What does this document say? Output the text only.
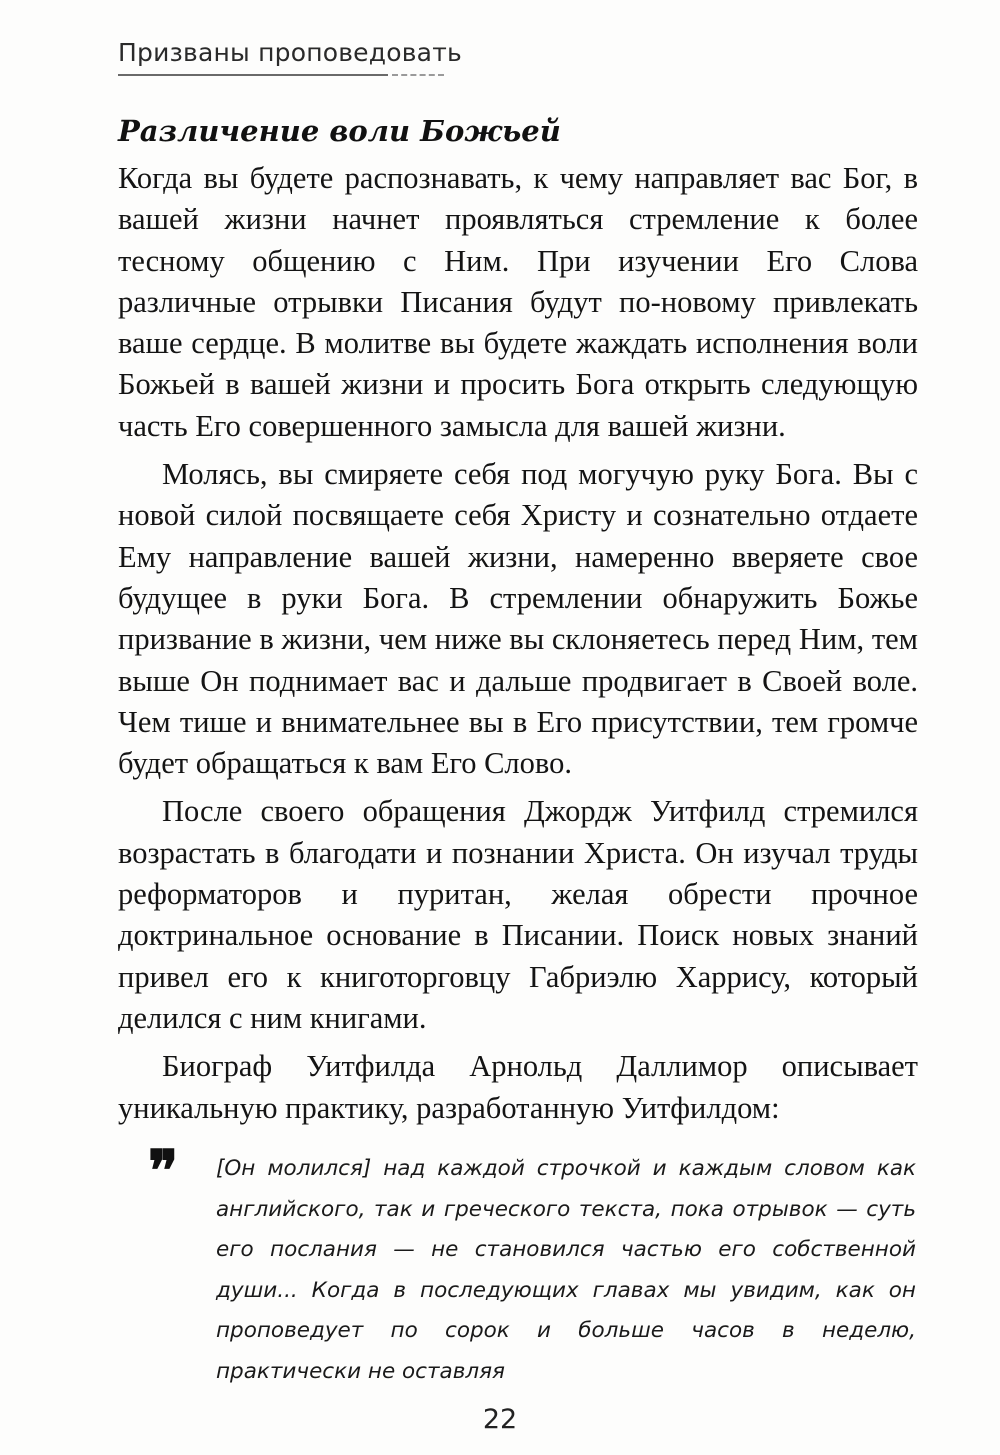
Призваны проповедовать
Различение воли Божьей

Когда вы будете распознавать, к чему направляет вас Бог, в вашей жизни начнет проявляться стремление к более тесному общению с Ним. При изучении Его Слова различные отрывки Писания будут по-новому привлекать ваше сердце. В молитве вы будете жаждать исполнения воли Божьей в вашей жизни и просить Бога открыть следующую часть Его совершенного замысла для вашей жизни.

Молясь, вы смиряете себя под могучую руку Бога. Вы с новой силой посвящаете себя Христу и сознательно отдаете Ему направление вашей жизни, намеренно вверяете свое будущее в руки Бога. В стремлении обнаружить Божье призвание в жизни, чем ниже вы склоняетесь перед Ним, тем выше Он поднимает вас и дальше продвигает в Своей воле. Чем тише и внимательнее вы в Его присутствии, тем громче будет обращаться к вам Его Слово.

После своего обращения Джордж Уитфилд стремился возрастать в благодати и познании Христа. Он изучал труды реформаторов и пуритан, желая обрести прочное доктринальное основание в Писании. Поиск новых знаний привел его к книготорговцу Габриэлю Харрису, который делился с ним книгами.

Биограф Уитфилда Арнольд Даллимор описывает уникальную практику, разработанную Уитфилдом:

❞ [Он молился] над каждой строчкой и каждым словом как английского, так и греческого текста, пока отрывок — суть его послания — не становился частью его собственной души... Когда в последующих главах мы увидим, как он проповедует по сорок и больше часов в неделю, практически не оставляя
22
